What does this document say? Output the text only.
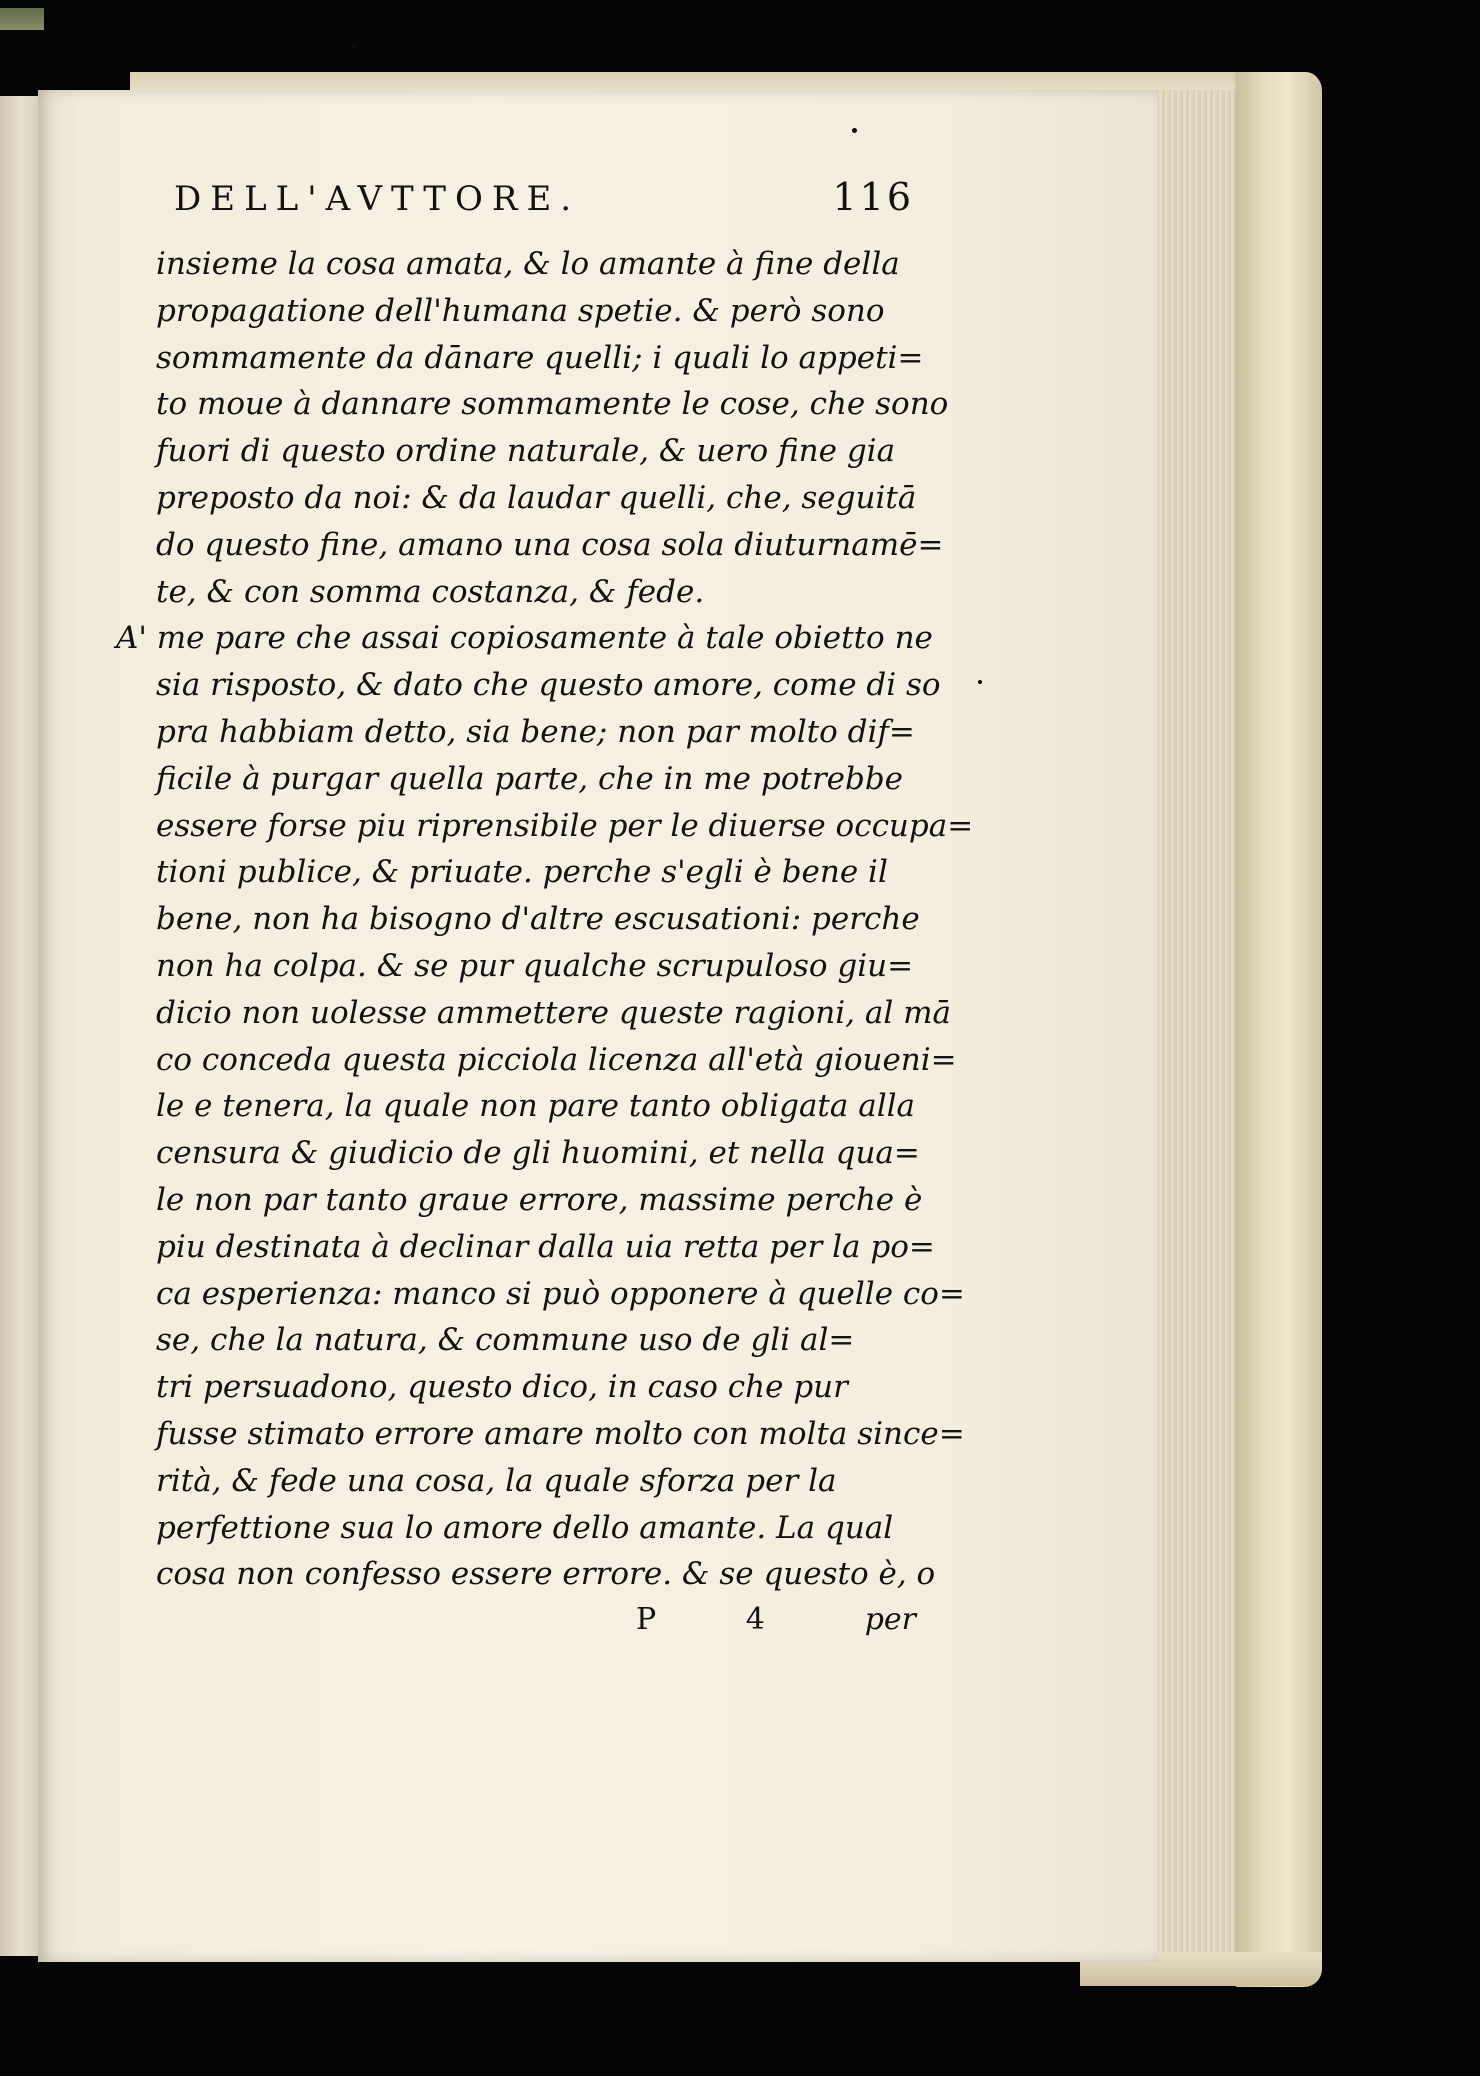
DELL'AVTTORE.	116
insieme la cosa amata, & lo amante à fine della
propagatione dell'humana spetie. & però sono
sommamente da dānare quelli; i quali lo appeti=
to moue à dannare sommamente le cose, che sono
fuori di questo ordine naturale, & uero fine gia
preposto da noi: & da laudar quelli, che, seguitā
do questo fine, amano una cosa sola diuturnamē=
te, & con somma costanza, & fede.
A' me pare che assai copiosamente à tale obietto ne
sia risposto, & dato che questo amore, come di so
pra habbiam detto, sia bene; non par molto dif=
ficile à purgar quella parte, che in me potrebbe
essere forse piu riprensibile per le diuerse occupa=
tioni publice, & priuate. perche s'egli è bene il
bene, non ha bisogno d'altre escusationi: perche
non ha colpa. & se pur qualche scrupuloso giu=
dicio non uolesse ammettere queste ragioni, al mā
co conceda questa picciola licenza all'età gioueni=
le e tenera, la quale non pare tanto obligata alla
censura & giudicio de gli huomini, et nella qua=
le non par tanto graue errore, massime perche è
piu destinata à declinar dalla uia retta per la po=
ca esperienza: manco si può opponere à quelle co=
se, che la natura, & commune uso de gli al=
tri persuadono, questo dico, in caso che pur
fusse stimato errore amare molto con molta since=
rità, & fede una cosa, la quale sforza per la
perfettione sua lo amore dello amante. La qual
cosa non confesso essere errore. & se questo è, o
P 4 per
